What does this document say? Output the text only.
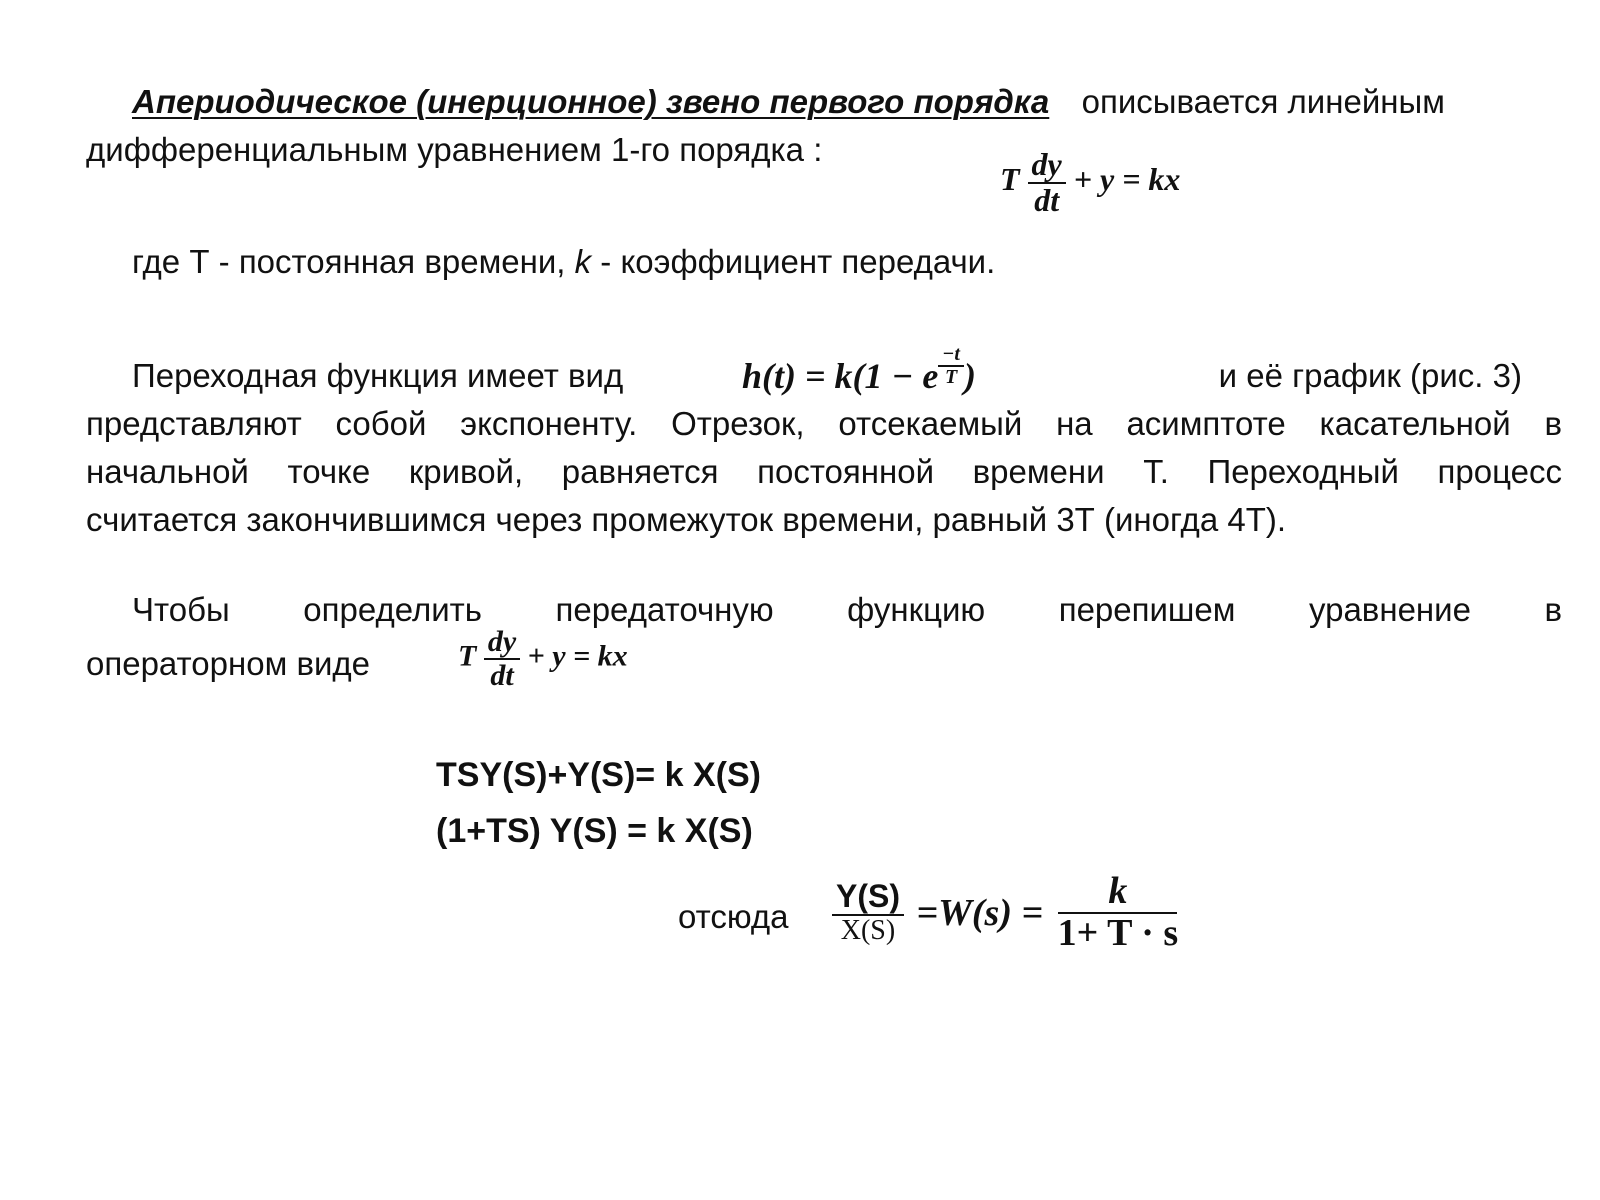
Апериодическое (инерционное) звено первого порядка описывается линейным
дифференциальным уравнением 1-го порядка :
T $\frac{dy}{dt} + y$ = kx
где Т - постоянная времени, k - коэффициент передачи.
Переходная функция имеет вид	h(t) = k(1 − e $\frac{-t}{T}$ )	и её график (рис. 3)
представляют собой экспоненту. Отрезок, отсекаемый на асимптоте касательной в
начальной точке кривой, равняется постоянной времени Т. Переходный процесс
считается закончившимся через промежуток времени, равный 3Т (иногда 4Т).
Чтобы определить передаточную функцию перепишем уравнение в
операторном виде	T $\frac{dy}{dt} + y$ = kx
TSY(S)+Y(S)= k X(S)
(1+TS) Y(S) = k X(S)
отсюда $\frac{Y(S)}{X(S)} =W(s) = \frac{k}{1+ T \cdot s}$
